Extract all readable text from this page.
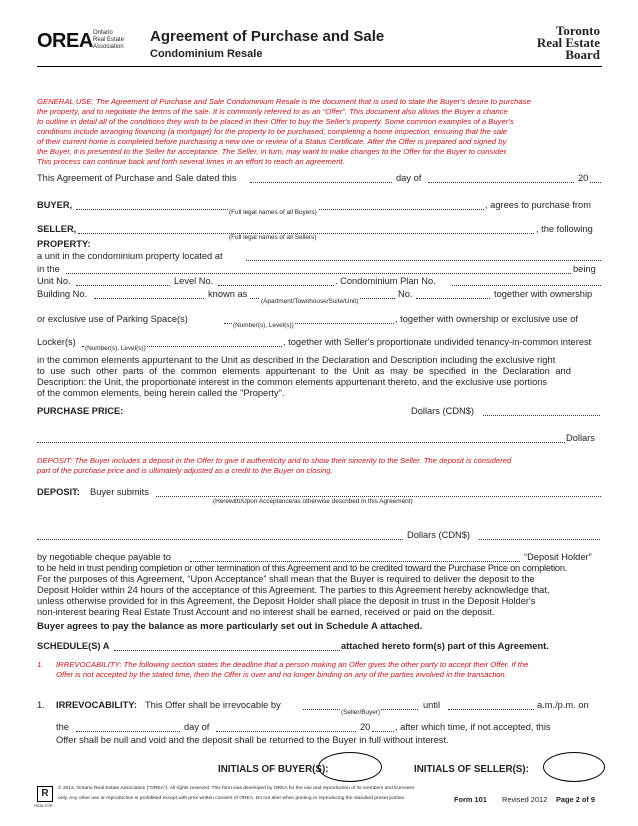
OREA Ontario
Real Estate
Association
Agreement of Purchase and Sale
Condominium Resale
Toronto
Real Estate
Board
GENERAL USE: The Agreement of Purchase and Sale Condominium Resale is the document that is used to state the Buyer's desire to purchase
the property, and to negotiate the terms of the sale. It is commonly referred to as an “Offer”. This document also allows the Buyer a chance
to outline in detail all of the conditions they wish to be placed in their Offer to buy the Seller's property. Some common examples of a Buyer's
conditions include arranging financing (a mortgage) for the property to be purchased, completing a home inspection, ensuring that the sale
of their current home is completed before purchasing a new one or review of a Status Certificate. After the Offer is prepared and signed by
the Buyer, it is presented to the Seller for acceptance. The Seller, in turn, may want to make changes to the Offer for the Buyer to consider.
This process can continue back and forth several times in an effort to reach an agreement.
This Agreement of Purchase and Sale dated this	day of	20
BUYER,	, agrees to purchase from
(Full legal names of all Buyers)
SELLER,	, the following
(Full legal names of all Sellers)
PROPERTY:
a unit in the condominium property located at
in the	being
Unit No.	Level No.	. Condominium Plan No.
Building No.	known as	No.	together with ownership
(Apartment/Townhouse/Suite/Unit)
or exclusive use of Parking Space(s)	, together with ownership or exclusive use of
(Number(s), Level(s))
Locker(s)	, together with Seller's proportionate undivided tenancy-in-common interest
(Number(s), Level(s))
in the common elements appurtenant to the Unit as described in the Declaration and Description including the exclusive right
to use such other parts of the common elements appurtenant to the Unit as may be specified in the Declaration and
Description: the Unit, the proportionate interest in the common elements appurtenant thereto, and the exclusive use portions
of the common elements, being herein called the "Property".
PURCHASE PRICE:	Dollars (CDN$)
Dollars
DEPOSIT: The Buyer includes a deposit in the Offer to give it authenticity and to show their sincerity to the Seller. The deposit is considered
part of the purchase price and is ultimately adjusted as a credit to the Buyer on closing.
DEPOSIT: Buyer submits
(Herewith/Upon Acceptance/as otherwise described in this Agreement)
Dollars (CDN$)
by negotiable cheque payable to	“Deposit Holder”
to be held in trust pending completion or other termination of this Agreement and to be credited toward the Purchase Price on completion.
For the purposes of this Agreement, “Upon Acceptance” shall mean that the Buyer is required to deliver the deposit to the
Deposit Holder within 24 hours of the acceptance of this Agreement. The parties to this Agreement hereby acknowledge that,
unless otherwise provided for in this Agreement, the Deposit Holder shall place the deposit in trust in the Deposit Holder's
non-interest bearing Real Estate Trust Account and no interest shall be earned, received or paid on the deposit.
Buyer agrees to pay the balance as more particularly set out in Schedule A attached.
SCHEDULE(S) A	attached hereto form(s) part of this Agreement.
1. IRREVOCABILITY: The following section states the deadline that a person making an Offer gives the other party to accept their Offer. If the
Offer is not accepted by the stated time, then the Offer is over and no longer binding on any of the parties involved in the transaction.
1. IRREVOCABILITY: This Offer shall be irrevocable by
(Seller/Buyer)
until	a.m./p.m. on
the	day of	20	, after which time, if not accepted, this
Offer shall be null and void and the deposit shall be returned to the Buyer in full without interest.
INITIALS OF BUYER(S):	INITIALS OF SELLER(S):
R
REALTOR
© 2012, Ontario Real Estate Association ("OREA"). All rights reserved. This form was developed by OREA for the use and reproduction of its members and licensees
only. Any other use or reproduction is prohibited except with prior written consent of OREA. Do not alter when printing or reproducing the standard preset portion.	Form 101 Revised 2012 Page 2 of 9
